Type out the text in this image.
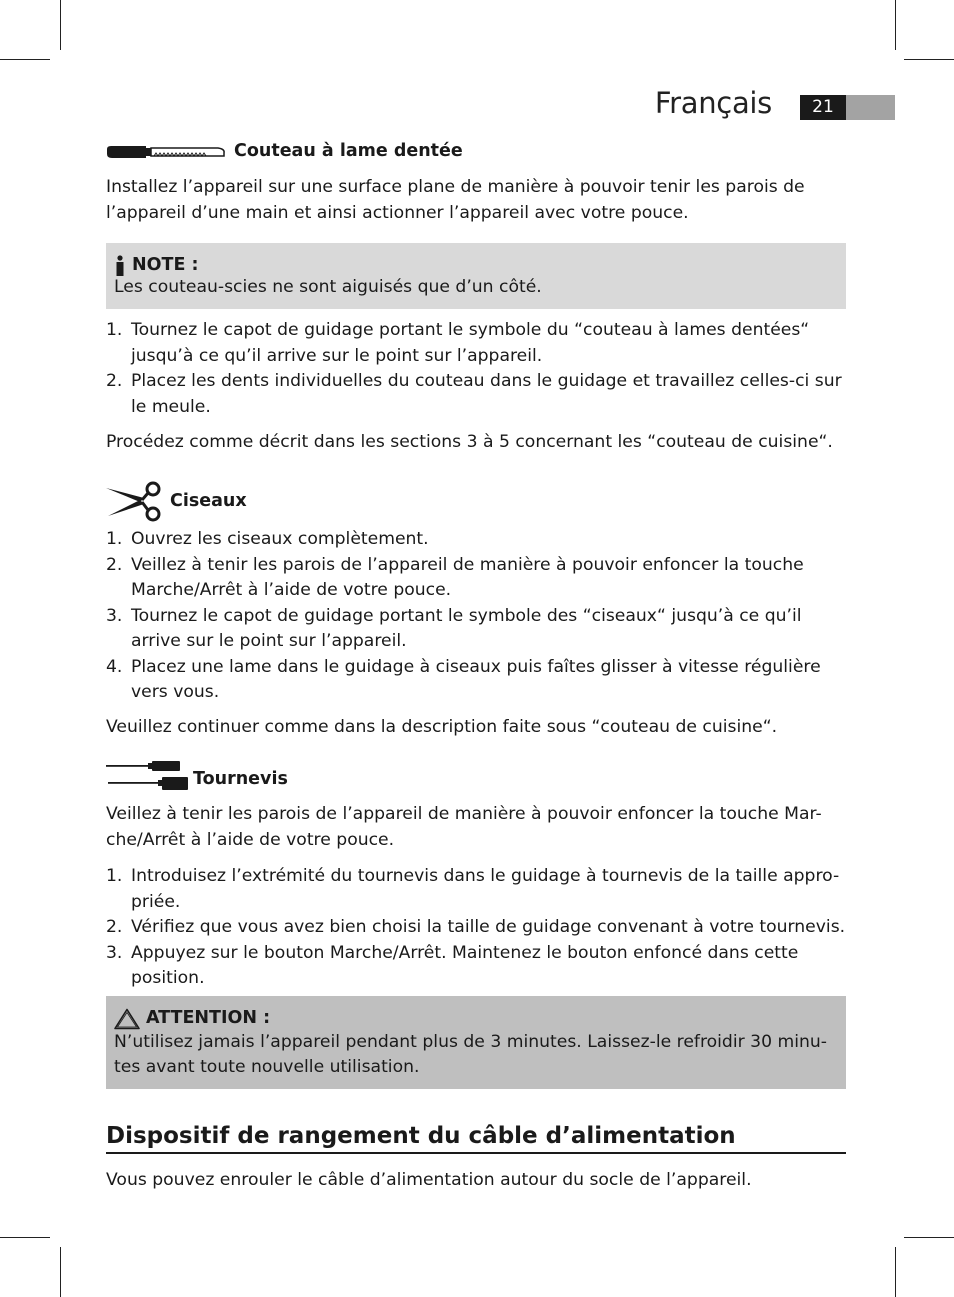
Français	21
Couteau à lame dentée

Installez l’appareil sur une surface plane de manière à pouvoir tenir les parois de l’appareil d’une main et ainsi actionner l’appareil avec votre pouce.

NOTE :
Les couteau-scies ne sont aiguisés que d’un côté.
1. Tournez le capot de guidage portant le symbole du “couteau à lames dentées“ jusqu’à ce qu’il arrive sur le point sur l’appareil.
2. Placez les dents individuelles du couteau dans le guidage et travaillez celles-ci sur le meule.

Procédez comme décrit dans les sections 3 à 5 concernant les “couteau de cuisine“.

Ciseaux
1. Ouvrez les ciseaux complètement.
2. Veillez à tenir les parois de l’appareil de manière à pouvoir enfoncer la touche Marche/Arrêt à l’aide de votre pouce.
3. Tournez le capot de guidage portant le symbole des “ciseaux“ jusqu’à ce qu’il arrive sur le point sur l’appareil.
4. Placez une lame dans le guidage à ciseaux puis faîtes glisser à vitesse régulière vers vous.

Veuillez continuer comme dans la description faite sous “couteau de cuisine“.

Tournevis

Veillez à tenir les parois de l’appareil de manière à pouvoir enfoncer la touche Mar-che/Arrêt à l’aide de votre pouce.

1. Introduisez l’extrémité du tournevis dans le guidage à tournevis de la taille appro-priée.
2. Vérifiez que vous avez bien choisi la taille de guidage convenant à votre tournevis.
3. Appuyez sur le bouton Marche/Arrêt. Maintenez le bouton enfoncé dans cette position.
ATTENTION :
N’utilisez jamais l’appareil pendant plus de 3 minutes. Laissez-le refroidir 30 minu-tes avant toute nouvelle utilisation.
Dispositif de rangement du câble d’alimentation

Vous pouvez enrouler le câble d’alimentation autour du socle de l’appareil.
